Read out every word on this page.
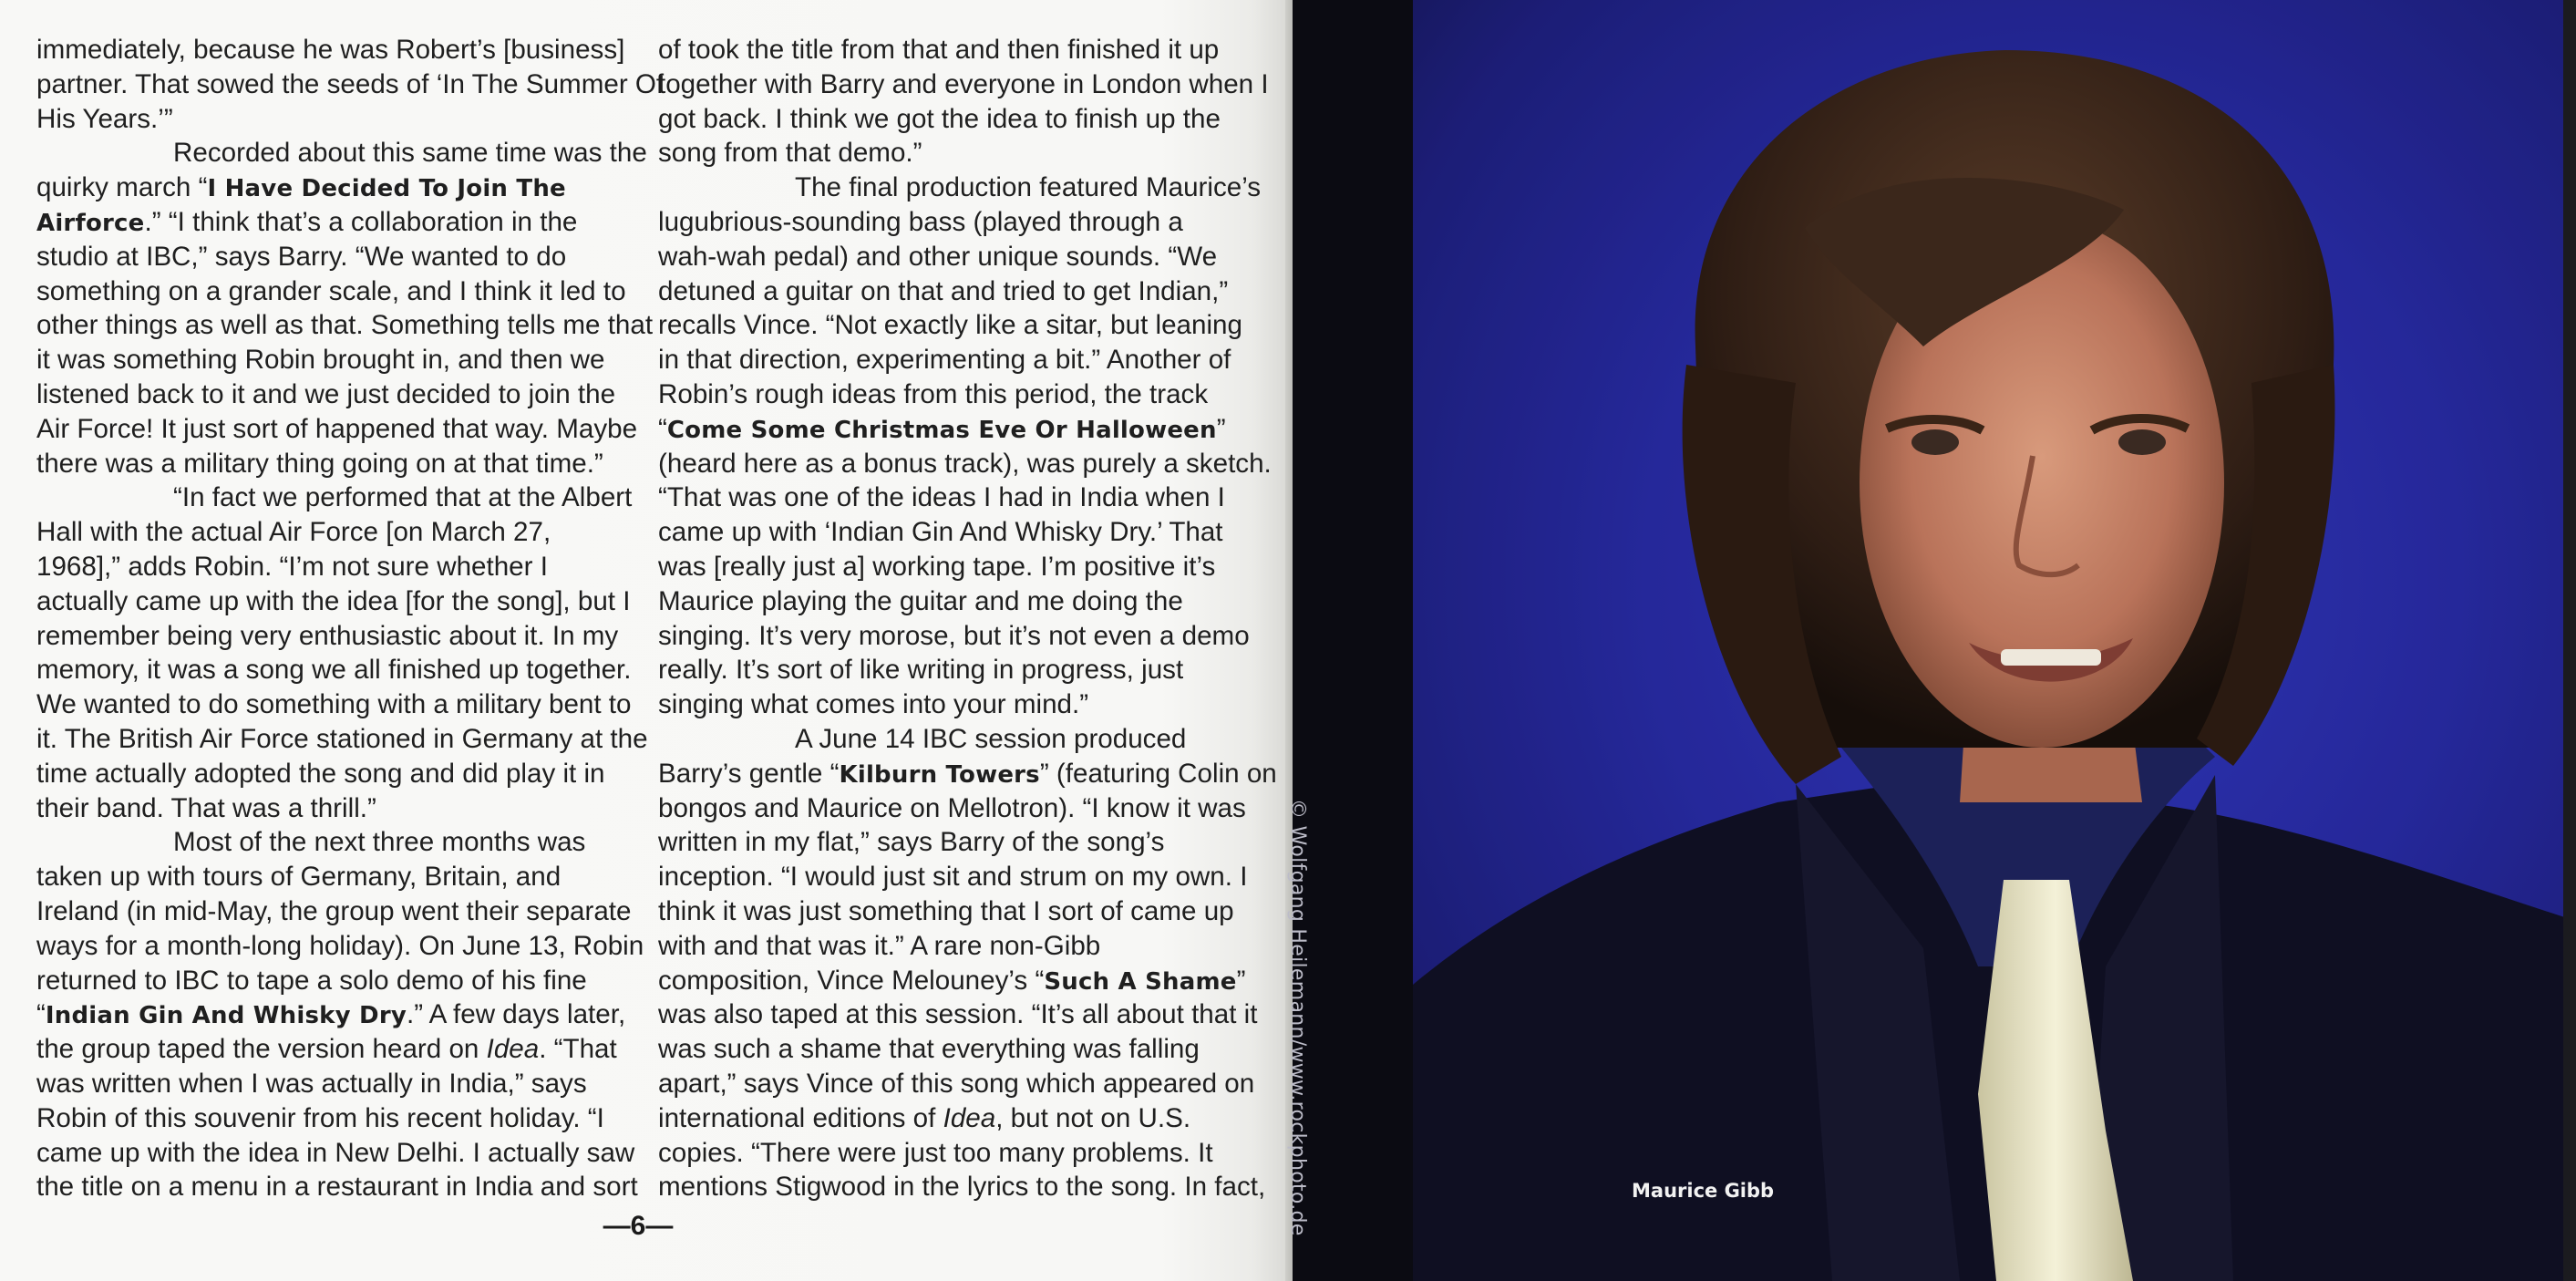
immediately, because he was Robert’s [business]
partner. That sowed the seeds of ‘In The Summer Of
His Years.’”
Recorded about this same time was the
quirky march “I Have Decided To Join The
Airforce.” “I think that’s a collaboration in the
studio at IBC,” says Barry. “We wanted to do
something on a grander scale, and I think it led to
other things as well as that. Something tells me that
it was something Robin brought in, and then we
listened back to it and we just decided to join the
Air Force! It just sort of happened that way. Maybe
there was a military thing going on at that time.”
“In fact we performed that at the Albert
Hall with the actual Air Force [on March 27,
1968],” adds Robin. “I’m not sure whether I
actually came up with the idea [for the song], but I
remember being very enthusiastic about it. In my
memory, it was a song we all finished up together.
We wanted to do something with a military bent to
it. The British Air Force stationed in Germany at the
time actually adopted the song and did play it in
their band. That was a thrill.”
Most of the next three months was
taken up with tours of Germany, Britain, and
Ireland (in mid-May, the group went their separate
ways for a month-long holiday). On June 13, Robin
returned to IBC to tape a solo demo of his fine
“Indian Gin And Whisky Dry.” A few days later,
the group taped the version heard on Idea. “That
was written when I was actually in India,” says
Robin of this souvenir from his recent holiday. “I
came up with the idea in New Delhi. I actually saw
the title on a menu in a restaurant in India and sort
of took the title from that and then finished it up
together with Barry and everyone in London when I
got back. I think we got the idea to finish up the
song from that demo.”
The final production featured Maurice’s
lugubrious-sounding bass (played through a
wah-wah pedal) and other unique sounds. “We
detuned a guitar on that and tried to get Indian,”
recalls Vince. “Not exactly like a sitar, but leaning
in that direction, experimenting a bit.” Another of
Robin’s rough ideas from this period, the track
“Come Some Christmas Eve Or Halloween”
(heard here as a bonus track), was purely a sketch.
“That was one of the ideas I had in India when I
came up with ‘Indian Gin And Whisky Dry.’ That
was [really just a] working tape. I’m positive it’s
Maurice playing the guitar and me doing the
singing. It’s very morose, but it’s not even a demo
really. It’s sort of like writing in progress, just
singing what comes into your mind.”
A June 14 IBC session produced
Barry’s gentle “Kilburn Towers” (featuring Colin on
bongos and Maurice on Mellotron). “I know it was
written in my flat,” says Barry of the song’s
inception. “I would just sit and strum on my own. I
think it was just something that I sort of came up
with and that was it.” A rare non-Gibb
composition, Vince Melouney’s “Such A Shame”
was also taped at this session. “It’s all about that it
was such a shame that everything was falling
apart,” says Vince of this song which appeared on
international editions of Idea, but not on U.S.
copies. “There were just too many problems. It
mentions Stigwood in the lyrics to the song. In fact,
—6—	© Wolfgang Heilemann/www.rockphoto.de	Maurice Gibb
